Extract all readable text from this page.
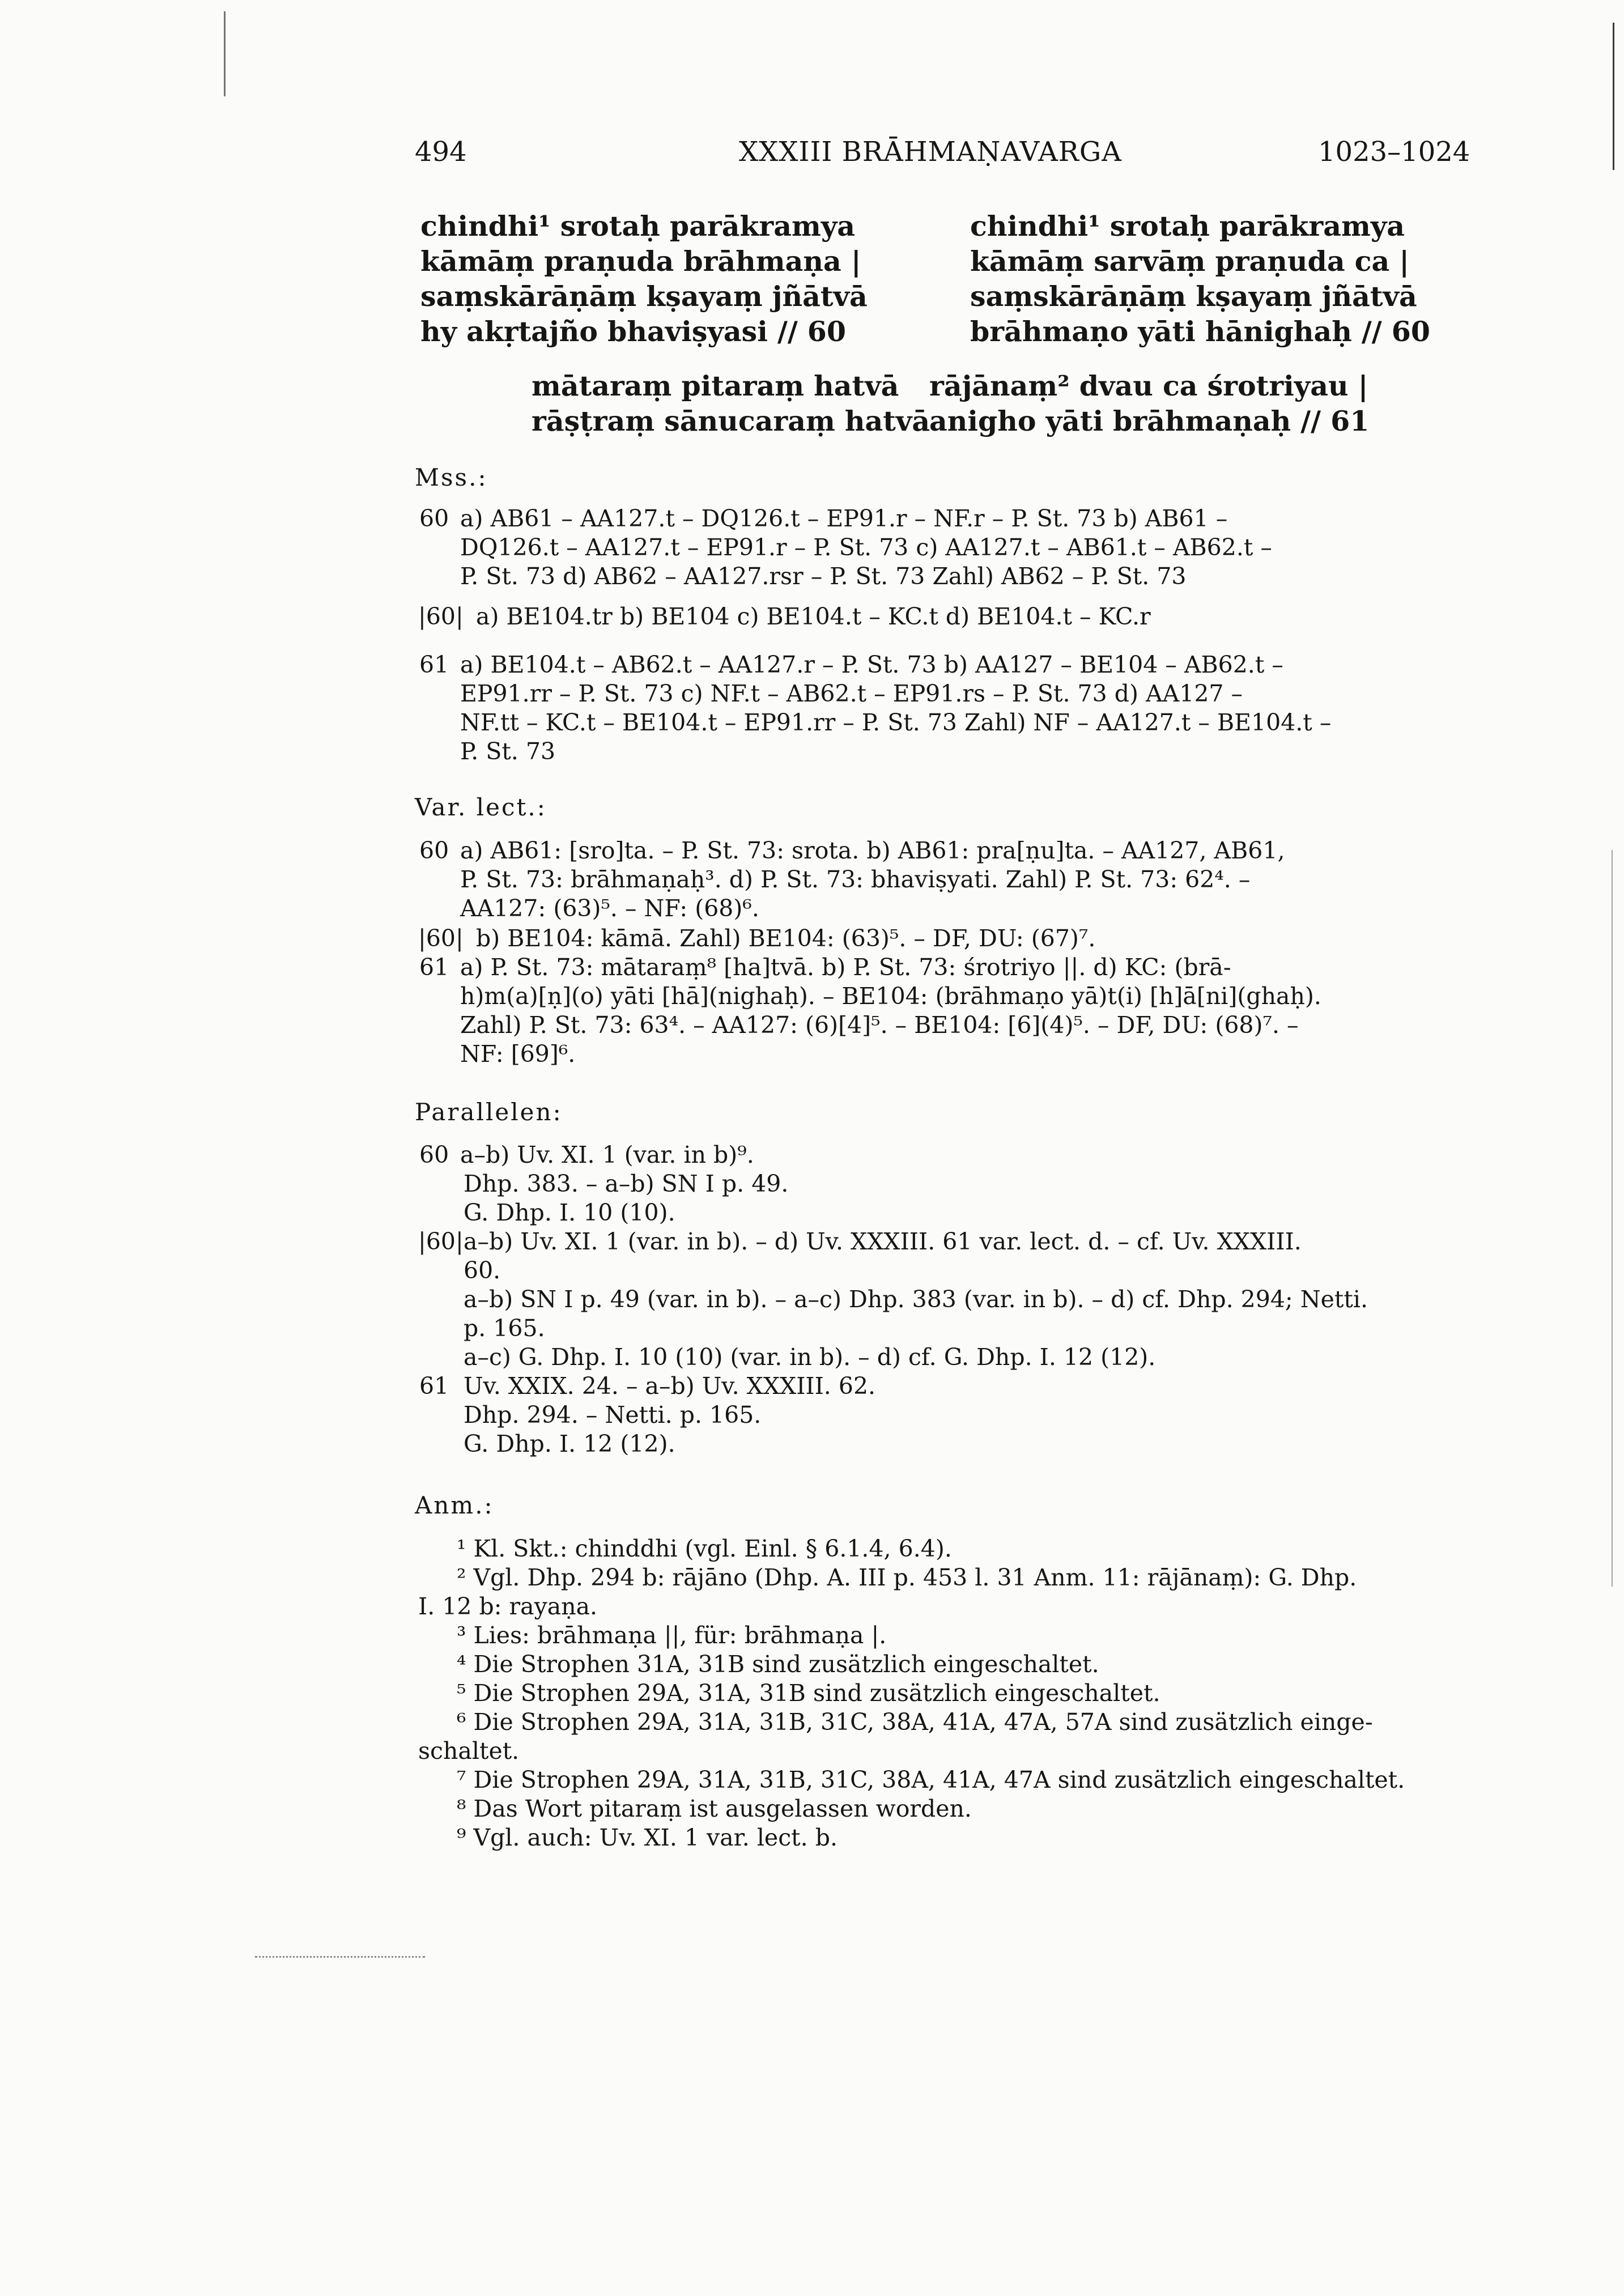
494	XXXIII BRĀHMAṆAVARGA	1023–1024
chindhi¹ srotaḥ parākramya
kāmāṃ praṇuda brāhmaṇa |
saṃskārāṇāṃ kṣayaṃ jñātvā
hy akṛtajño bhaviṣyasi // 60
chindhi¹ srotaḥ parākramya
kāmāṃ sarvāṃ praṇuda ca |
saṃskārāṇāṃ kṣayaṃ jñātvā
brāhmaṇo yāti hānighaḥ // 60
mātaraṃ pitaraṃ hatvā
rāṣṭraṃ sānucaraṃ hatvā
rājānaṃ² dvau ca śrotriyau |
anigho yāti brāhmaṇaḥ // 61
Mss.:
60 a) AB61 – AA127.t – DQ126.t – EP91.r – NF.r – P. St. 73 b) AB61 –
DQ126.t – AA127.t – EP91.r – P. St. 73 c) AA127.t – AB61.t – AB62.t –
P. St. 73 d) AB62 – AA127.rsr – P. St. 73 Zahl) AB62 – P. St. 73
|60| a) BE104.tr b) BE104 c) BE104.t – KC.t d) BE104.t – KC.r
61 a) BE104.t – AB62.t – AA127.r – P. St. 73 b) AA127 – BE104 – AB62.t –
EP91.rr – P. St. 73 c) NF.t – AB62.t – EP91.rs – P. St. 73 d) AA127 –
NF.tt – KC.t – BE104.t – EP91.rr – P. St. 73 Zahl) NF – AA127.t – BE104.t –
P. St. 73
Var. lect.:
60 a) AB61: [sro]ta. – P. St. 73: srota. b) AB61: pra[ṇu]ta. – AA127, AB61,
P. St. 73: brāhmaṇaḥ³. d) P. St. 73: bhaviṣyati. Zahl) P. St. 73: 62⁴. –
AA127: (63)⁵. – NF: (68)⁶.
|60| b) BE104: kāmā. Zahl) BE104: (63)⁵. – DF, DU: (67)⁷.
61 a) P. St. 73: mātaraṃ⁸ [ha]tvā. b) P. St. 73: śrotriyo ||. d) KC: (brā-
h)m(a)[ṇ](o) yāti [hā](nighaḥ). – BE104: (brāhmaṇo yā)t(i) [h]ā[ni](ghaḥ).
Zahl) P. St. 73: 63⁴. – AA127: (6)[4]⁵. – BE104: [6](4)⁵. – DF, DU: (68)⁷. –
NF: [69]⁶.
Parallelen:
60 a–b) Uv. XI. 1 (var. in b)⁹.
Dhp. 383. – a–b) SN I p. 49.
G. Dhp. I. 10 (10).
|60| a–b) Uv. XI. 1 (var. in b). – d) Uv. XXXIII. 61 var. lect. d. – cf. Uv. XXXIII.
60.
a–b) SN I p. 49 (var. in b). – a–c) Dhp. 383 (var. in b). – d) cf. Dhp. 294; Netti.
p. 165.
a–c) G. Dhp. I. 10 (10) (var. in b). – d) cf. G. Dhp. I. 12 (12).
61 Uv. XXIX. 24. – a–b) Uv. XXXIII. 62.
Dhp. 294. – Netti. p. 165.
G. Dhp. I. 12 (12).
Anm.:
¹ Kl. Skt.: chinddhi (vgl. Einl. § 6.1.4, 6.4).
² Vgl. Dhp. 294 b: rājāno (Dhp. A. III p. 453 l. 31 Anm. 11: rājānaṃ): G. Dhp.
I. 12 b: rayaṇa.
³ Lies: brāhmaṇa ||, für: brāhmaṇa |.
⁴ Die Strophen 31A, 31B sind zusätzlich eingeschaltet.
⁵ Die Strophen 29A, 31A, 31B sind zusätzlich eingeschaltet.
⁶ Die Strophen 29A, 31A, 31B, 31C, 38A, 41A, 47A, 57A sind zusätzlich einge-
schaltet.
⁷ Die Strophen 29A, 31A, 31B, 31C, 38A, 41A, 47A sind zusätzlich eingeschaltet.
⁸ Das Wort pitaraṃ ist ausgelassen worden.
⁹ Vgl. auch: Uv. XI. 1 var. lect. b.
